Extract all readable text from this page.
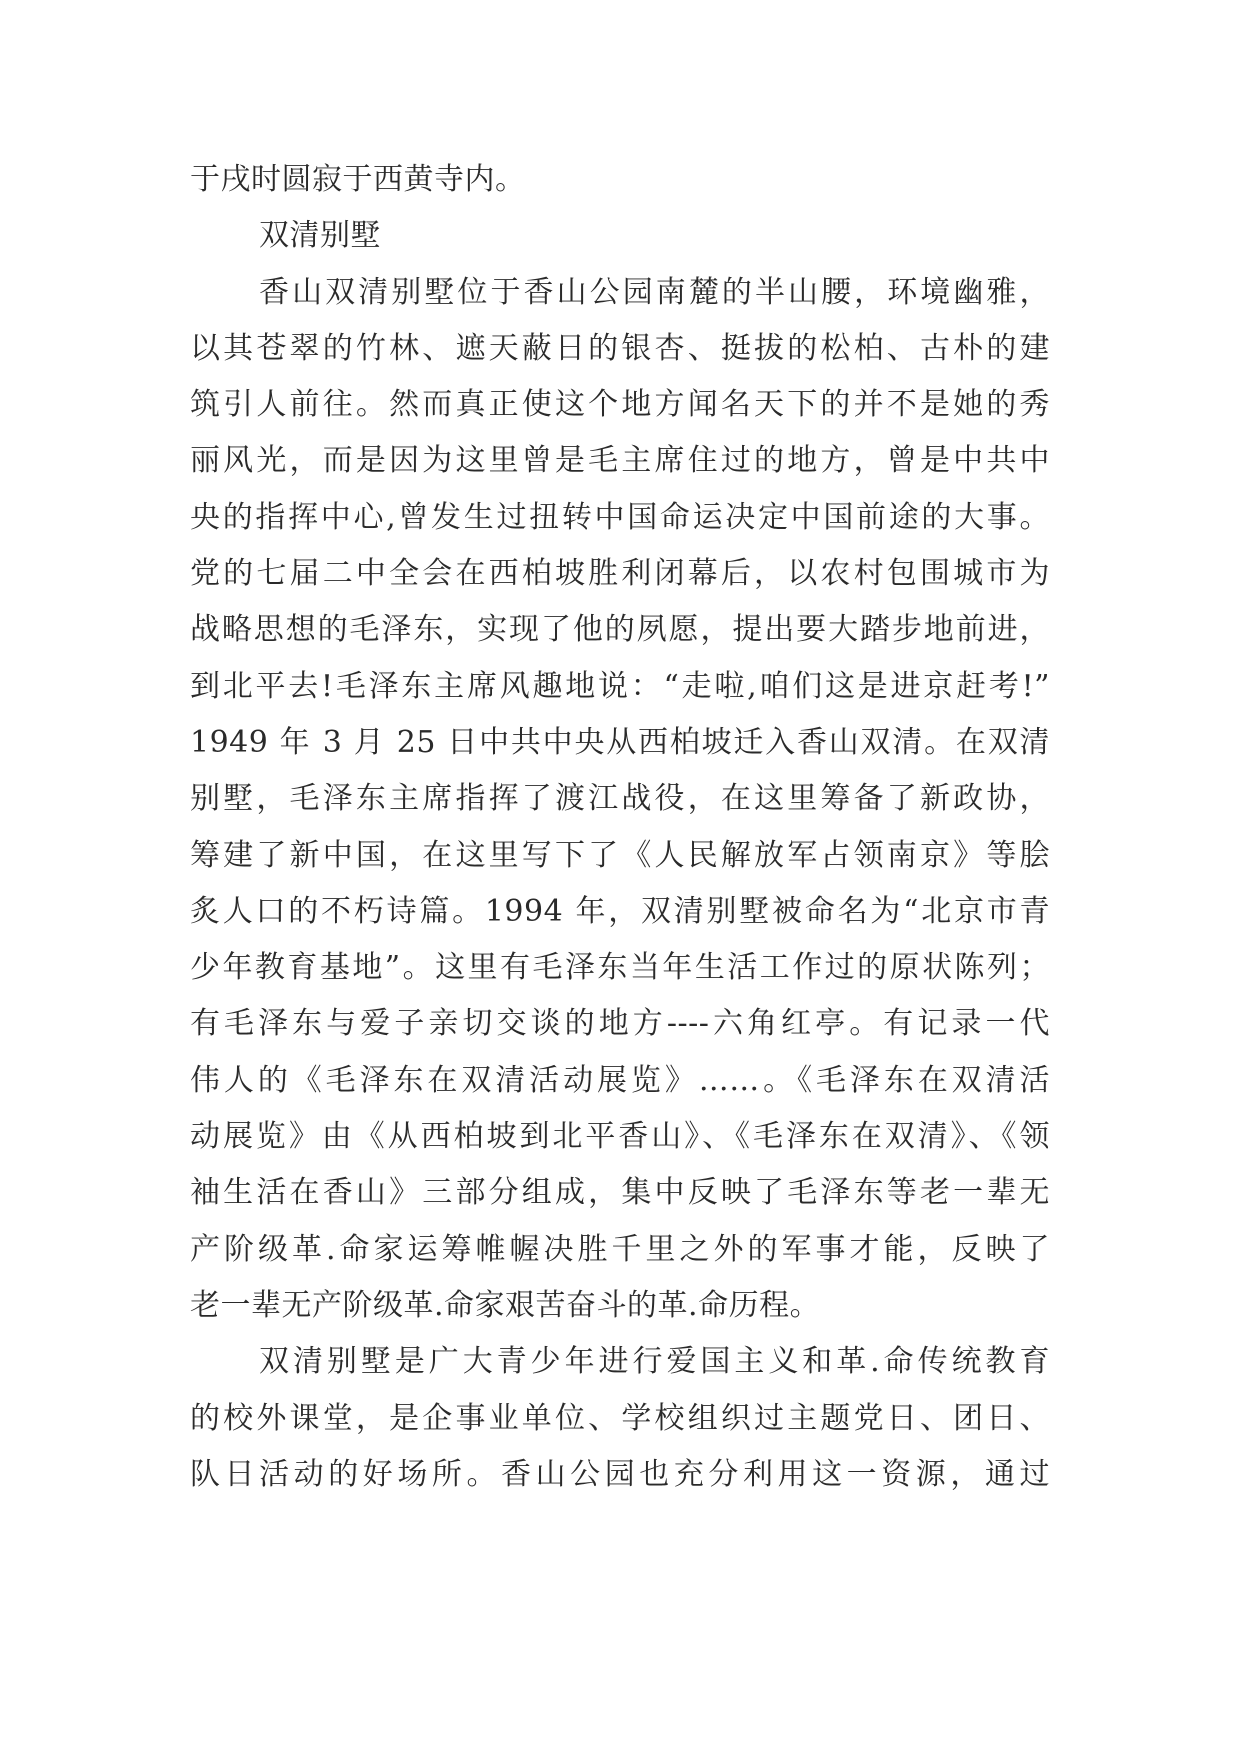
于戌时圆寂于西黄寺内。
双清别墅
香山双清别墅位于香山公园南麓的半山腰，环境幽雅，
以其苍翠的竹林、遮天蔽日的银杏、挺拔的松柏、古朴的建
筑引人前往。然而真正使这个地方闻名天下的并不是她的秀
丽风光，而是因为这里曾是毛主席住过的地方，曾是中共中
央的指挥中心,曾发生过扭转中国命运决定中国前途的大事。
党的七届二中全会在西柏坡胜利闭幕后，以农村包围城市为
战略思想的毛泽东，实现了他的夙愿，提出要大踏步地前进，
到北平去!毛泽东主席风趣地说：“走啦,咱们这是进京赶考!”
1949 年 3 月 25 日中共中央从西柏坡迁入香山双清。在双清
别墅，毛泽东主席指挥了渡江战役，在这里筹备了新政协，
筹建了新中国，在这里写下了《人民解放军占领南京》等脍
炙人口的不朽诗篇。1994 年，双清别墅被命名为“北京市青
少年教育基地”。这里有毛泽东当年生活工作过的原状陈列；
有毛泽东与爱子亲切交谈的地方----六角红亭。有记录一代
伟人的《毛泽东在双清活动展览》……。《毛泽东在双清活
动展览》由《从西柏坡到北平香山》、《毛泽东在双清》、《领
袖生活在香山》三部分组成，集中反映了毛泽东等老一辈无
产阶级革.命家运筹帷幄决胜千里之外的军事才能，反映了
老一辈无产阶级革.命家艰苦奋斗的革.命历程。
双清别墅是广大青少年进行爱国主义和革.命传统教育
的校外课堂，是企事业单位、学校组织过主题党日、团日、
队日活动的好场所。香山公园也充分利用这一资源，通过
